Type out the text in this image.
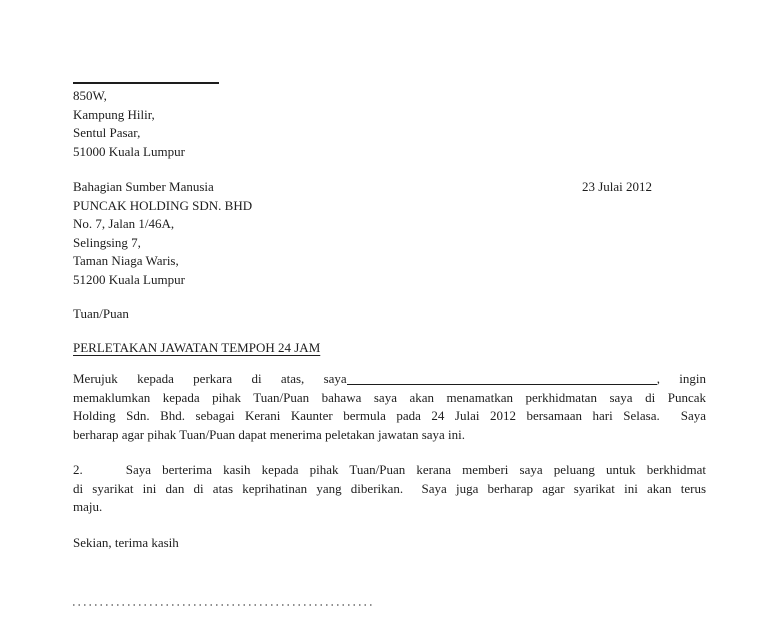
850W,
Kampung Hilir,
Sentul Pasar,
51000 Kuala Lumpur
Bahagian Sumber Manusia	23 Julai 2012
PUNCAK HOLDING SDN. BHD
No. 7, Jalan 1/46A,
Selingsing 7,
Taman Niaga Waris,
51200 Kuala Lumpur
Tuan/Puan
PERLETAKAN JAWATAN TEMPOH 24 JAM
Merujuk kepada perkara di atas, saya	, ingin
memaklumkan kepada pihak Tuan/Puan bahawa saya akan menamatkan perkhidmatan saya di Puncak
Holding Sdn. Bhd. sebagai Kerani Kaunter bermula pada 24 Julai 2012 bersamaan hari Selasa.  Saya
berharap agar pihak Tuan/Puan dapat menerima peletakan jawatan saya ini.
2.	Saya berterima kasih kepada pihak Tuan/Puan kerana memberi saya peluang untuk berkhidmat
di syarikat ini dan di atas keprihatinan yang diberikan.  Saya juga berharap agar syarikat ini akan terus
maju.
Sekian, terima kasih
